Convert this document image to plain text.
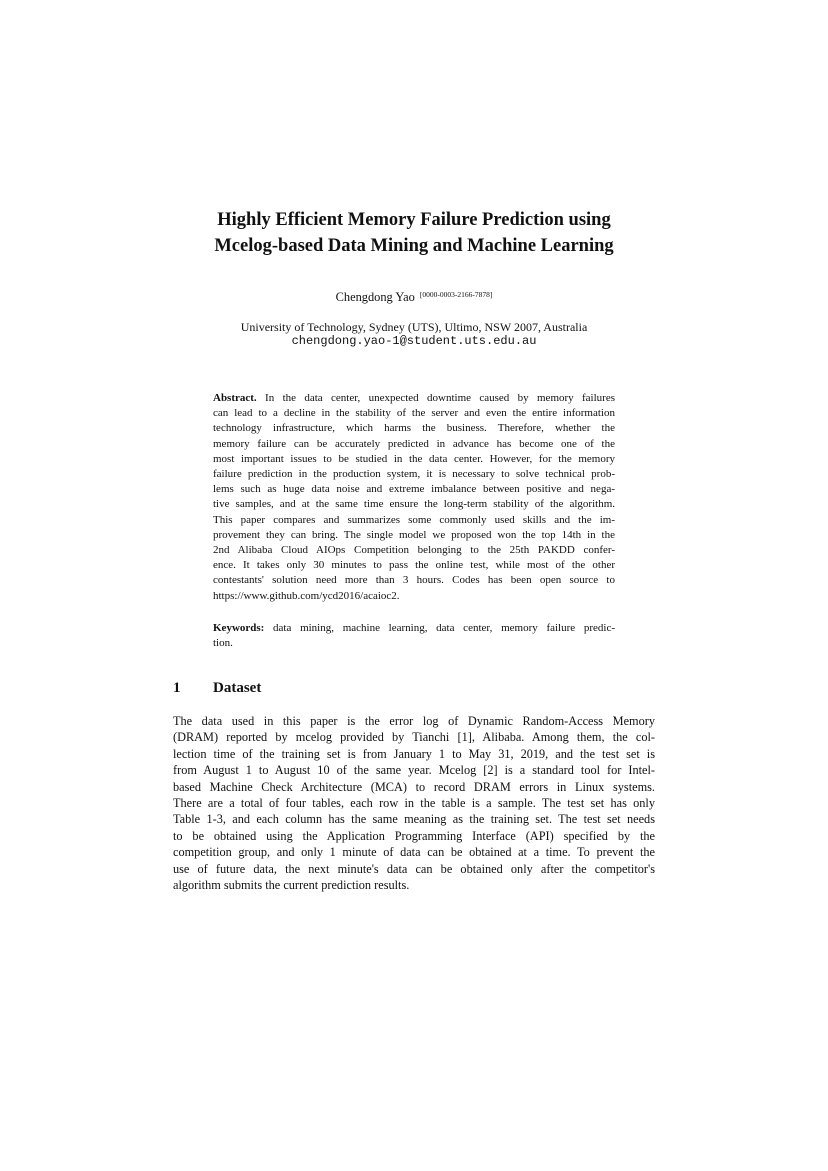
Highly Efficient Memory Failure Prediction using
Mcelog-based Data Mining and Machine Learning
Chengdong Yao [0000-0003-2166-7878]
University of Technology, Sydney (UTS), Ultimo, NSW 2007, Australia
chengdong.yao-1@student.uts.edu.au
Abstract. In the data center, unexpected downtime caused by memory failures
can lead to a decline in the stability of the server and even the entire information
technology infrastructure, which harms the business. Therefore, whether the
memory failure can be accurately predicted in advance has become one of the
most important issues to be studied in the data center. However, for the memory
failure prediction in the production system, it is necessary to solve technical prob-
lems such as huge data noise and extreme imbalance between positive and nega-
tive samples, and at the same time ensure the long-term stability of the algorithm.
This paper compares and summarizes some commonly used skills and the im-
provement they can bring. The single model we proposed won the top 14th in the
2nd Alibaba Cloud AIOps Competition belonging to the 25th PAKDD confer-
ence. It takes only 30 minutes to pass the online test, while most of the other
contestants' solution need more than 3 hours. Codes has been open source to
https://www.github.com/ycd2016/acaioc2.
Keywords: data mining, machine learning, data center, memory failure predic-
tion.
1 Dataset
The data used in this paper is the error log of Dynamic Random-Access Memory
(DRAM) reported by mcelog provided by Tianchi [1], Alibaba. Among them, the col-
lection time of the training set is from January 1 to May 31, 2019, and the test set is
from August 1 to August 10 of the same year. Mcelog [2] is a standard tool for Intel-
based Machine Check Architecture (MCA) to record DRAM errors in Linux systems.
There are a total of four tables, each row in the table is a sample. The test set has only
Table 1-3, and each column has the same meaning as the training set. The test set needs
to be obtained using the Application Programming Interface (API) specified by the
competition group, and only 1 minute of data can be obtained at a time. To prevent the
use of future data, the next minute's data can be obtained only after the competitor's
algorithm submits the current prediction results.
